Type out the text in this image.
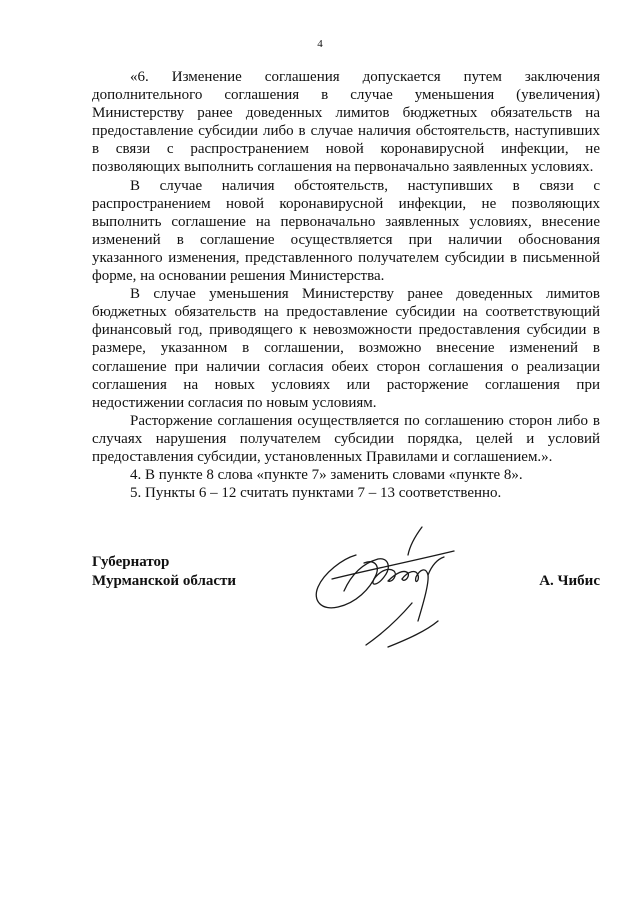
4

«6. Изменение соглашения допускается путем заключения дополнительного соглашения в случае уменьшения (увеличения) Министерству ранее доведенных лимитов бюджетных обязательств на предоставление субсидии либо в случае наличия обстоятельств, наступивших в связи с распространением новой коронавирусной инфекции, не позволяющих выполнить соглашения на первоначально заявленных условиях.

В случае наличия обстоятельств, наступивших в связи с распространением новой коронавирусной инфекции, не позволяющих выполнить соглашение на первоначально заявленных условиях, внесение изменений в соглашение осуществляется при наличии обоснования указанного изменения, представленного получателем субсидии в письменной форме, на основании решения Министерства.

В случае уменьшения Министерству ранее доведенных лимитов бюджетных обязательств на предоставление субсидии на соответствующий финансовый год, приводящего к невозможности предоставления субсидии в размере, указанном в соглашении, возможно внесение изменений в соглашение при наличии согласия обеих сторон соглашения о реализации соглашения на новых условиях или расторжение соглашения при недостижении согласия по новым условиям.

Расторжение соглашения осуществляется по соглашению сторон либо в случаях нарушения получателем субсидии порядка, целей и условий предоставления субсидии, установленных Правилами и соглашением.».

4. В пункте 8 слова «пункте 7» заменить словами «пункте 8».

5. Пункты 6 – 12 считать пунктами 7 – 13 соответственно.

Губернатор
Мурманской области	А. Чибис
